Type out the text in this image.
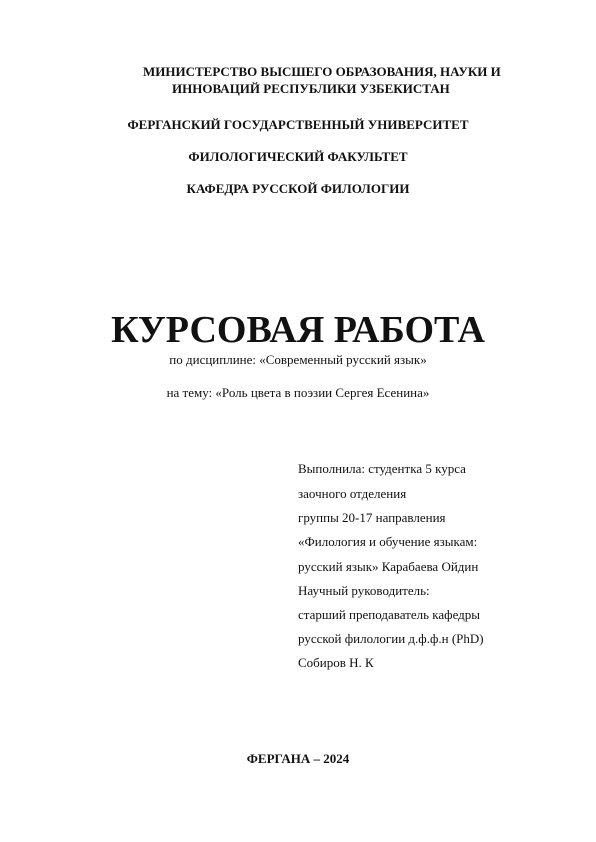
МИНИСТЕРСТВО ВЫСШЕГО ОБРАЗОВАНИЯ, НАУКИ И
ИННОВАЦИЙ РЕСПУБЛИКИ УЗБЕКИСТАН
ФЕРГАНСКИЙ ГОСУДАРСТВЕННЫЙ УНИВЕРСИТЕТ
ФИЛОЛОГИЧЕСКИЙ ФАКУЛЬТЕТ
КАФЕДРА РУССКОЙ ФИЛОЛОГИИ
КУРСОВАЯ РАБОТА
по дисциплине: «Современный русский язык»
на тему: «Роль цвета в поэзии Сергея Есенина»
Выполнила: студентка 5 курса
заочного отделения
группы 20-17 направления
«Филология и обучение языкам:
русский язык» Карабаева Ойдин
Научный руководитель:
старший преподаватель кафедры
русской филологии д.ф.ф.н (PhD)
Собиров Н. К
ФЕРГАНА – 2024
